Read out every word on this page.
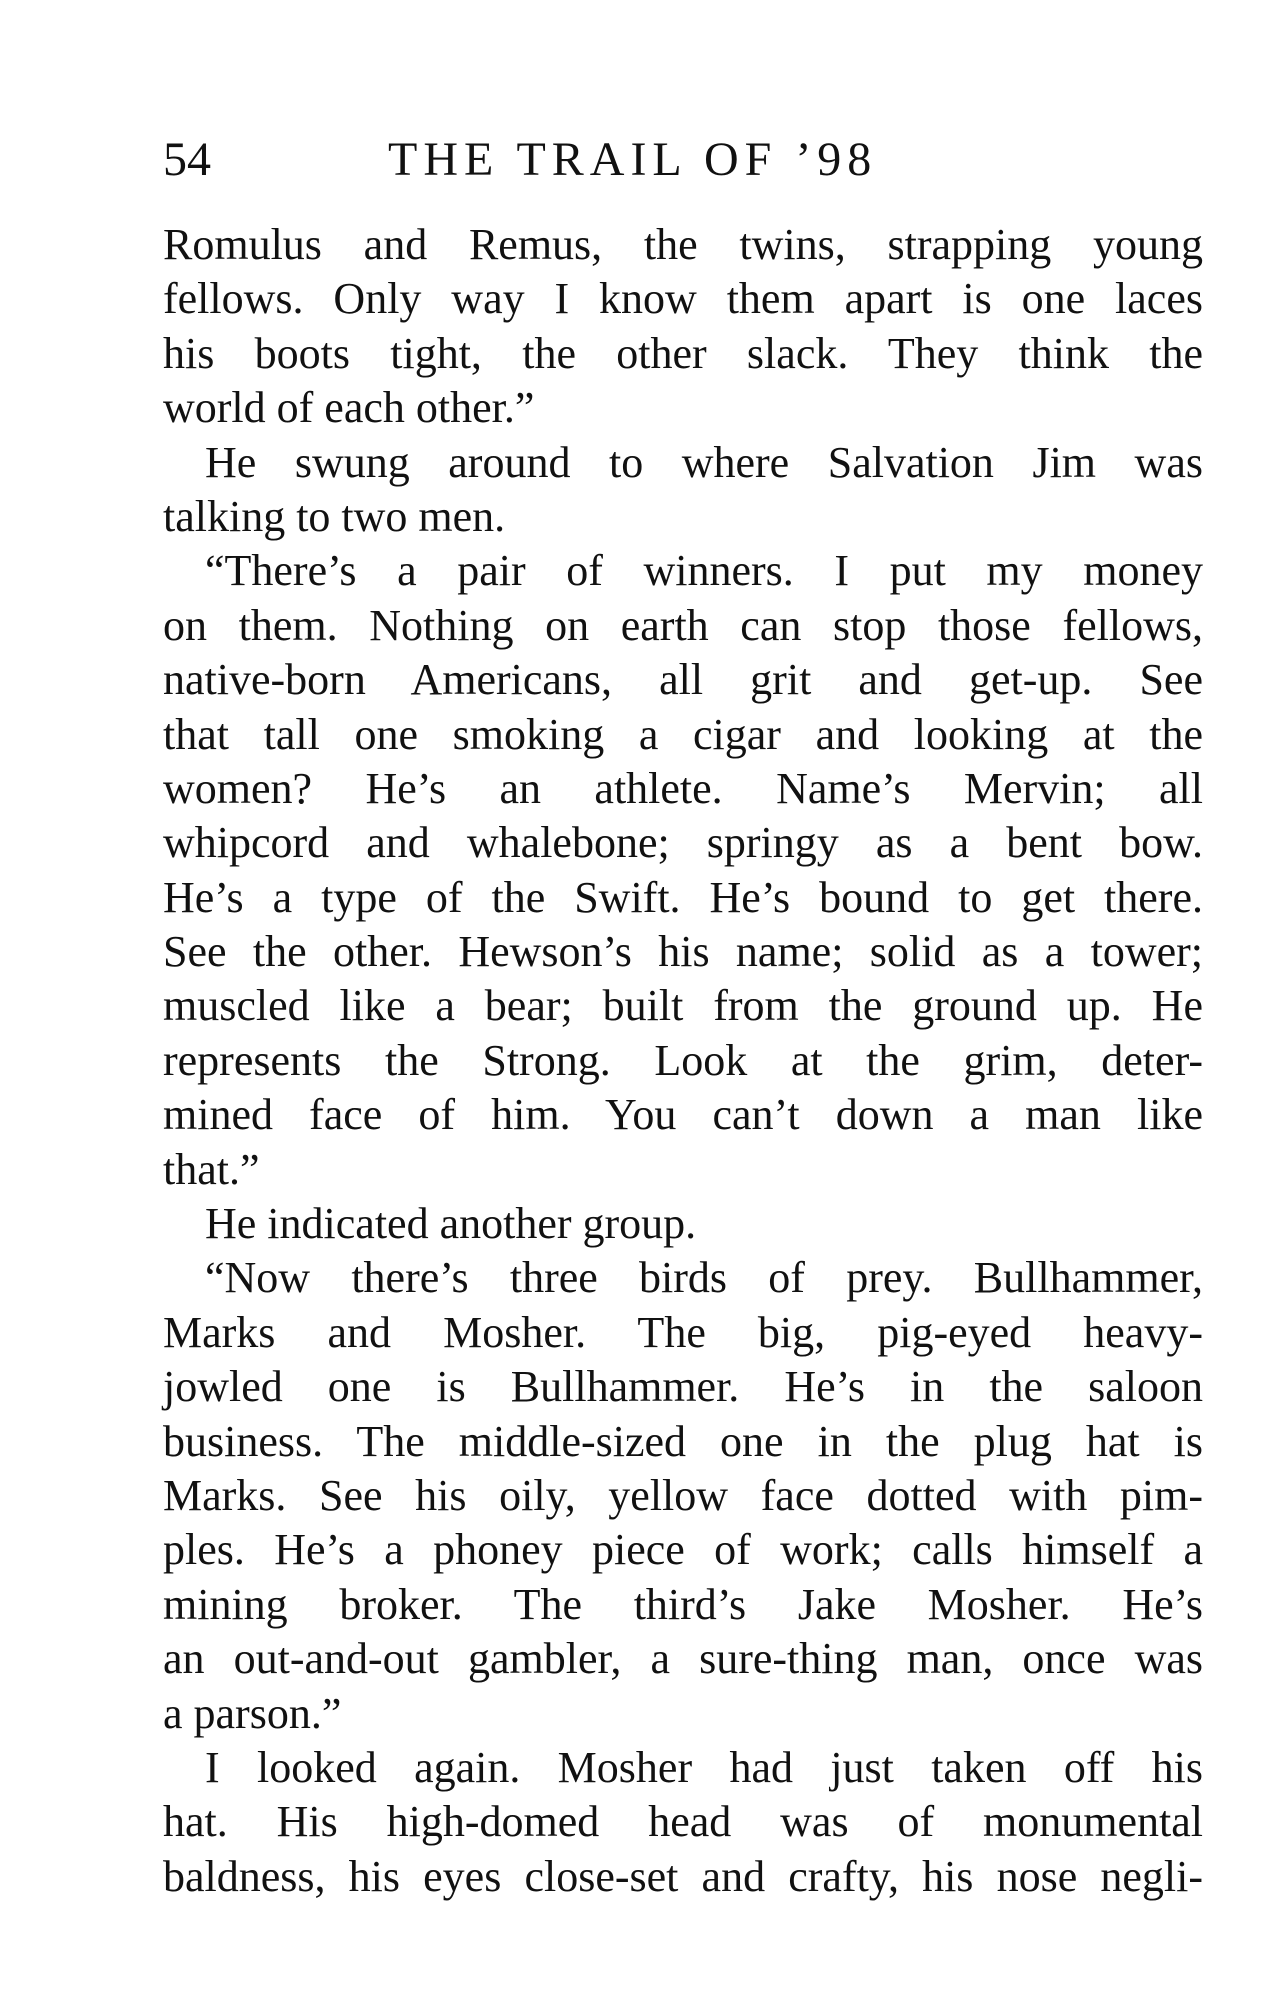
54	THE TRAIL OF ’98
Romulus and Remus, the twins, strapping young
fellows. Only way I know them apart is one laces
his boots tight, the other slack. They think the
world of each other.”
He swung around to where Salvation Jim was
talking to two men.
“There’s a pair of winners. I put my money
on them. Nothing on earth can stop those fellows,
native-born Americans, all grit and get-up. See
that tall one smoking a cigar and looking at the
women? He’s an athlete. Name’s Mervin; all
whipcord and whalebone; springy as a bent bow.
He’s a type of the Swift. He’s bound to get there.
See the other. Hewson’s his name; solid as a tower;
muscled like a bear; built from the ground up. He
represents the Strong. Look at the grim, deter-
mined face of him. You can’t down a man like
that.”
He indicated another group.
“Now there’s three birds of prey. Bullhammer,
Marks and Mosher. The big, pig-eyed heavy-
jowled one is Bullhammer. He’s in the saloon
business. The middle-sized one in the plug hat is
Marks. See his oily, yellow face dotted with pim-
ples. He’s a phoney piece of work; calls himself a
mining broker. The third’s Jake Mosher. He’s
an out-and-out gambler, a sure-thing man, once was
a parson.”
I looked again. Mosher had just taken off his
hat. His high-domed head was of monumental
baldness, his eyes close-set and crafty, his nose negli-
